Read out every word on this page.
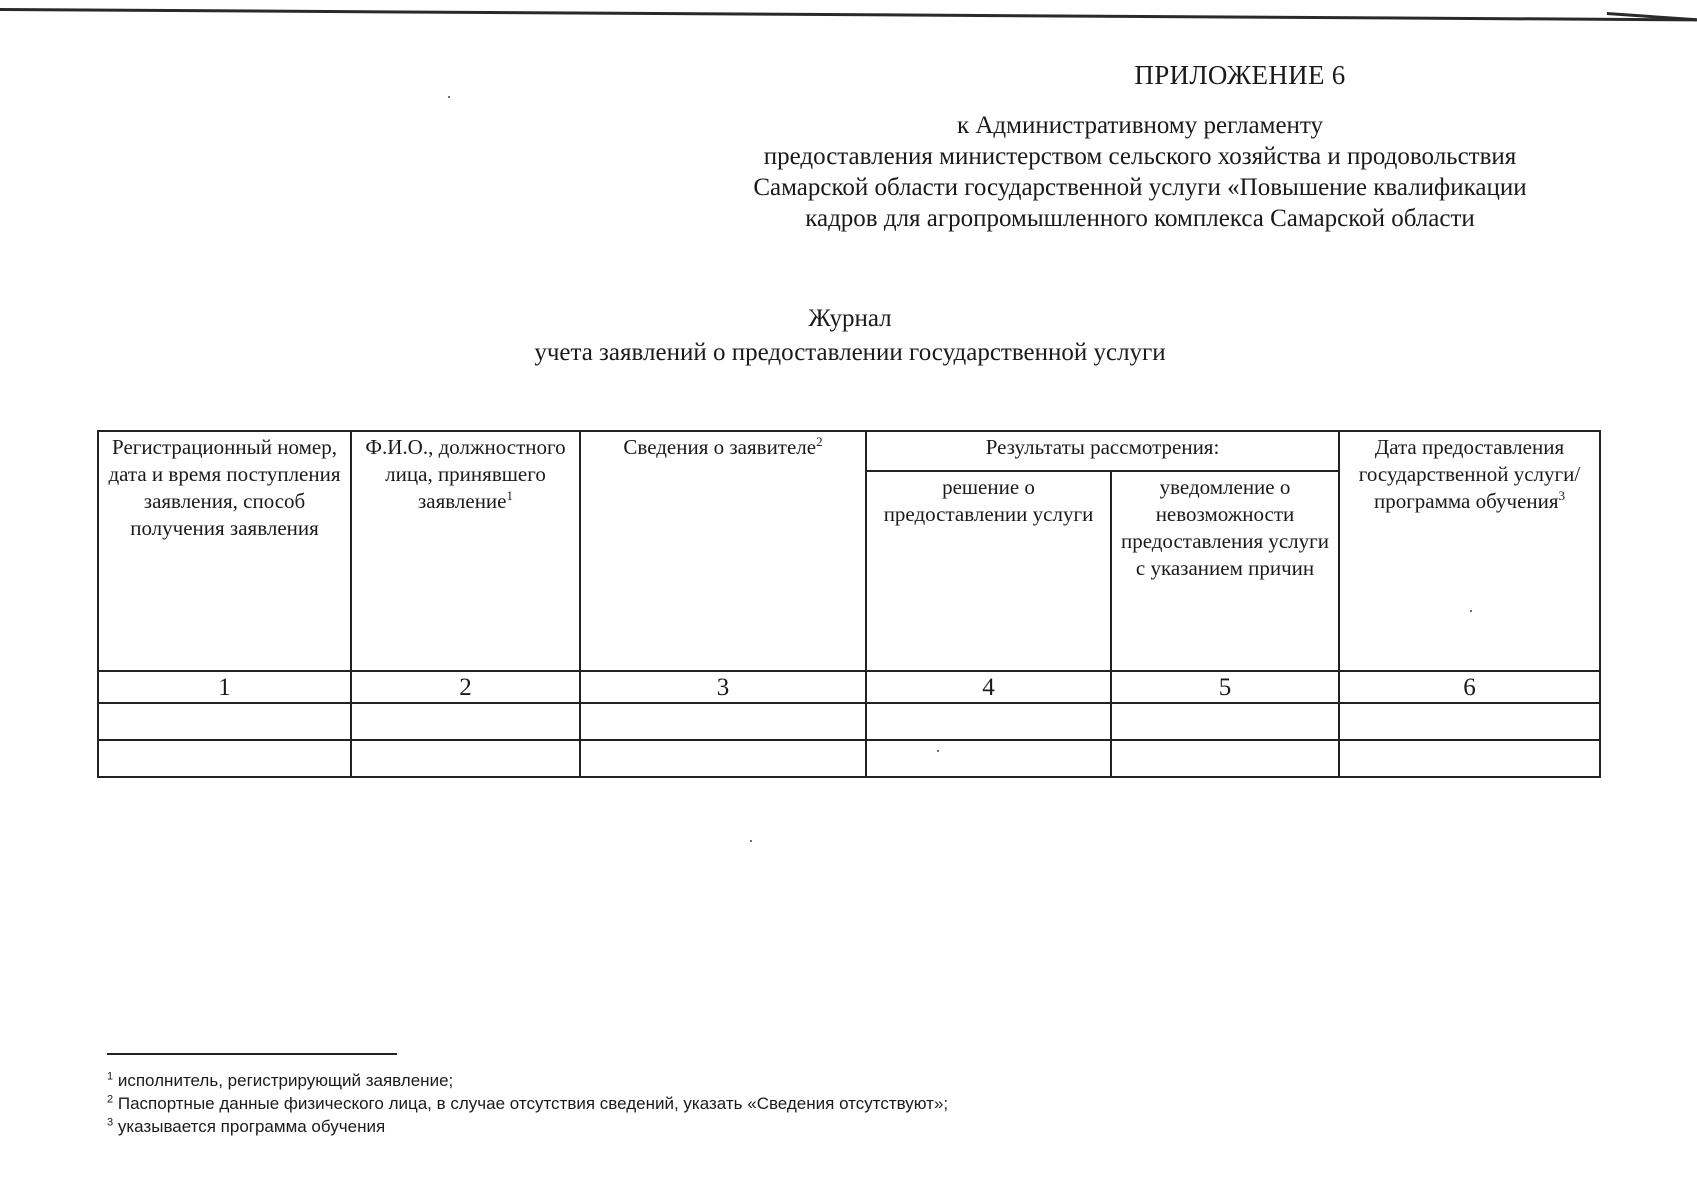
ПРИЛОЖЕНИЕ 6
к Административному регламенту
предоставления министерством сельского хозяйства и продовольствия
Самарской области государственной услуги «Повышение квалификации
кадров для агропромышленного комплекса Самарской области
Журнал
учета заявлений о предоставлении государственной услуги
Регистрационный номер, дата и время поступления заявления, способ получения заявления	Ф.И.О., должностного лица, принявшего заявление$^1$	Сведения о заявителе$^2$	Результаты рассмотрения:		Дата предоставления государственной услуги/программа обучения$^3$
			решение о предоставлении услуги	уведомление о невозможности предоставления услуги с указанием причин	
1	2	3	4	5	6

$^1$ исполнитель, регистрирующий заявление;
$^2$ Паспортные данные физического лица, в случае отсутствия сведений, указать «Сведения отсутствуют»;
$^3$ указывается программа обучения
